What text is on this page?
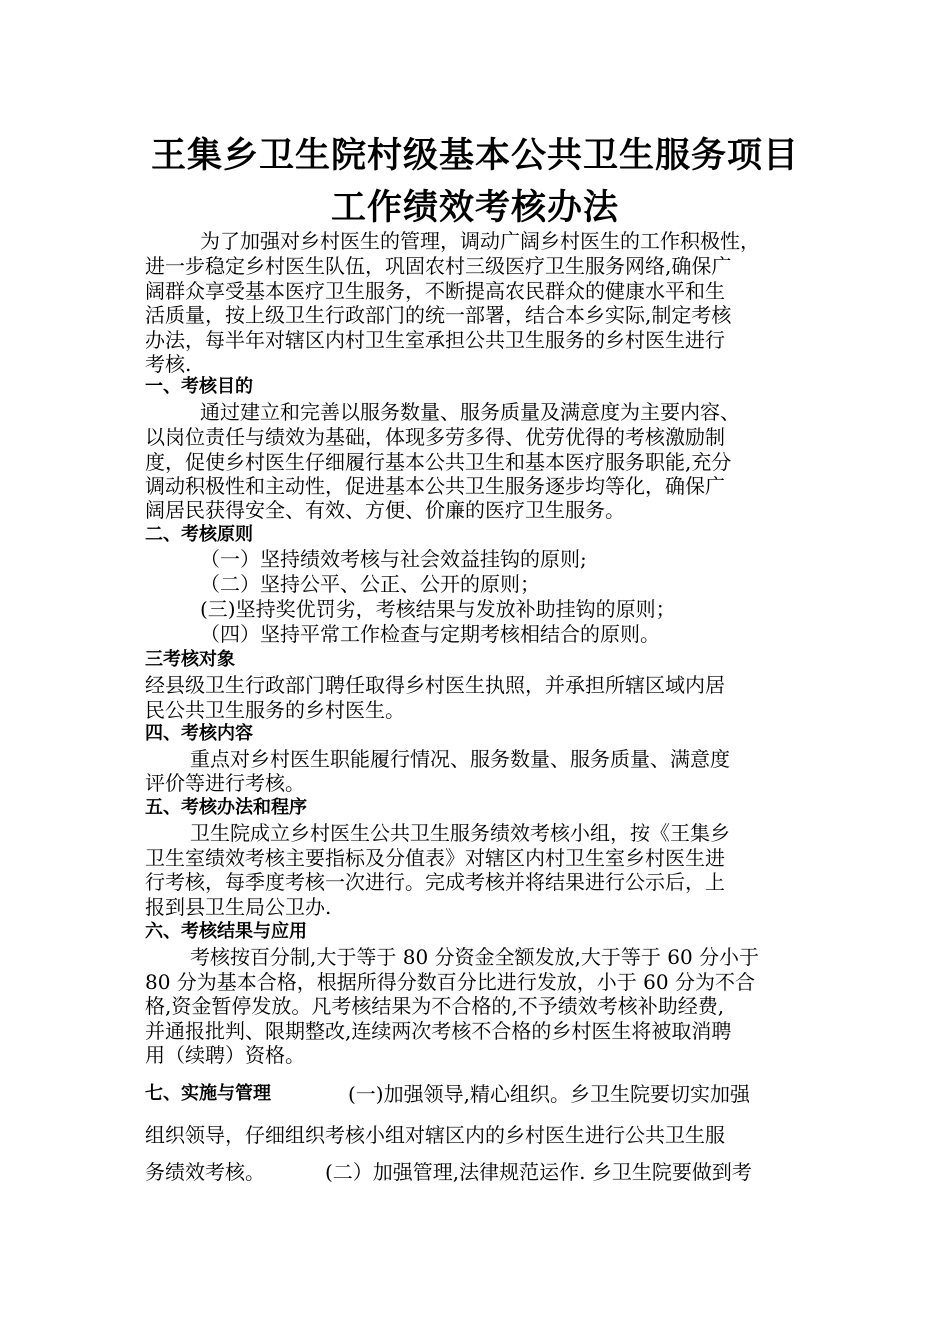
王集乡卫生院村级基本公共卫生服务项目
工作绩效考核办法
为了加强对乡村医生的管理，调动广阔乡村医生的工作积极性，
进一步稳定乡村医生队伍，巩固农村三级医疗卫生服务网络,确保广
阔群众享受基本医疗卫生服务，不断提高农民群众的健康水平和生
活质量，按上级卫生行政部门的统一部署，结合本乡实际,制定考核
办法，每半年对辖区内村卫生室承担公共卫生服务的乡村医生进行
考核.
一、考核目的
通过建立和完善以服务数量、服务质量及满意度为主要内容、
以岗位责任与绩效为基础，体现多劳多得、优劳优得的考核激励制
度，促使乡村医生仔细履行基本公共卫生和基本医疗服务职能,充分
调动积极性和主动性，促进基本公共卫生服务逐步均等化，确保广
阔居民获得安全、有效、方便、价廉的医疗卫生服务。
二、考核原则
（一）坚持绩效考核与社会效益挂钩的原则;
（二）坚持公平、公正、公开的原则；
(三)坚持奖优罚劣，考核结果与发放补助挂钩的原则；
（四）坚持平常工作检查与定期考核相结合的原则。
三考核对象
经县级卫生行政部门聘任取得乡村医生执照，并承担所辖区域内居
民公共卫生服务的乡村医生。
四、考核内容
重点对乡村医生职能履行情况、服务数量、服务质量、满意度
评价等进行考核。
五、考核办法和程序
卫生院成立乡村医生公共卫生服务绩效考核小组，按《王集乡
卫生室绩效考核主要指标及分值表》对辖区内村卫生室乡村医生进
行考核，每季度考核一次进行。完成考核并将结果进行公示后，上
报到县卫生局公卫办.
六、考核结果与应用
考核按百分制,大于等于 80 分资金全额发放,大于等于 60 分小于
80 分为基本合格，根据所得分数百分比进行发放，小于 60 分为不合
格,资金暂停发放。凡考核结果为不合格的,不予绩效考核补助经费,
并通报批判、限期整改,连续两次考核不合格的乡村医生将被取消聘
用（续聘）资格。
七、实施与管理	(一)加强领导,精心组织。乡卫生院要切实加强
组织领导，仔细组织考核小组对辖区内的乡村医生进行公共卫生服
务绩效考核。	(二）加强管理,法律规范运作. 乡卫生院要做到考
